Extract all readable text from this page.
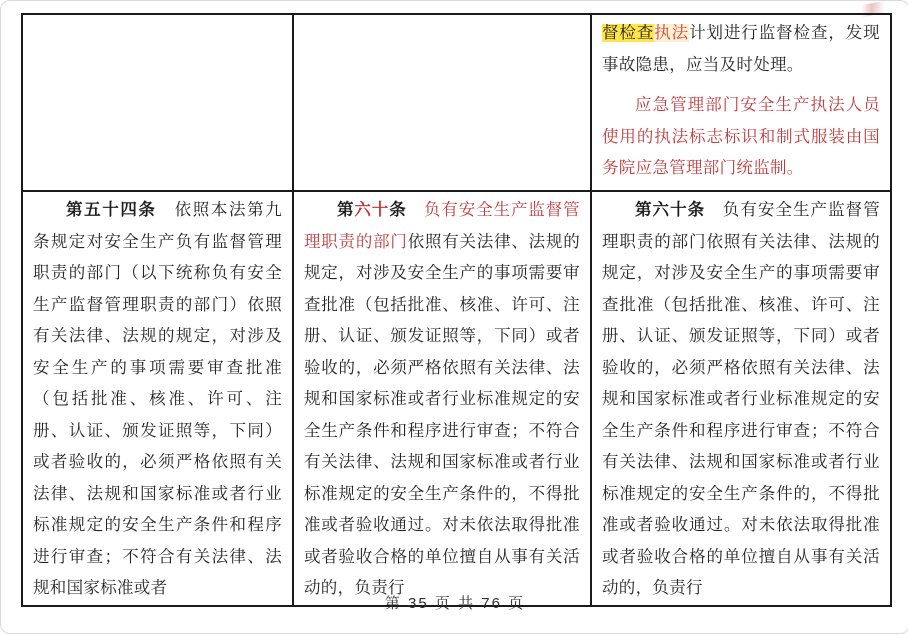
		督检查执法计划进行监督检查，发现事故隐患，应当及时处理。

应急管理部门安全生产执法人员使用的执法标志标识和制式服装由国务院应急管理部门统监制。

第五十四条　依照本法第九条规定对安全生产负有监督管理职责的部门（以下统称负有安全生产监督管理职责的部门）依照有关法律、法规的规定，对涉及安全生产的事项需要审查批准（包括批准、核准、许可、注册、认证、颁发证照等，下同）或者验收的，必须严格依照有关法律、法规和国家标准或者行业标准规定的安全生产条件和程序进行审查；不符合有关法律、法规和国家标准或者	第六十条　负有安全生产监督管理职责的部门依照有关法律、法规的规定，对涉及安全生产的事项需要审查批准（包括批准、核准、许可、注册、认证、颁发证照等，下同）或者验收的，必须严格依照有关法律、法规和国家标准或者行业标准规定的安全生产条件和程序进行审查；不符合有关法律、法规和国家标准或者行业标准规定的安全生产条件的，不得批准或者验收通过。对未依法取得批准或者验收合格的单位擅自从事有关活动的，负责行	第六十条　负有安全生产监督管理职责的部门依照有关法律、法规的规定，对涉及安全生产的事项需要审查批准（包括批准、核准、许可、注册、认证、颁发证照等，下同）或者验收的，必须严格依照有关法律、法规和国家标准或者行业标准规定的安全生产条件和程序进行审查；不符合有关法律、法规和国家标准或者行业标准规定的安全生产条件的，不得批准或者验收通过。对未依法取得批准或者验收合格的单位擅自从事有关活动的，负责行

第 35 页 共 76 页
